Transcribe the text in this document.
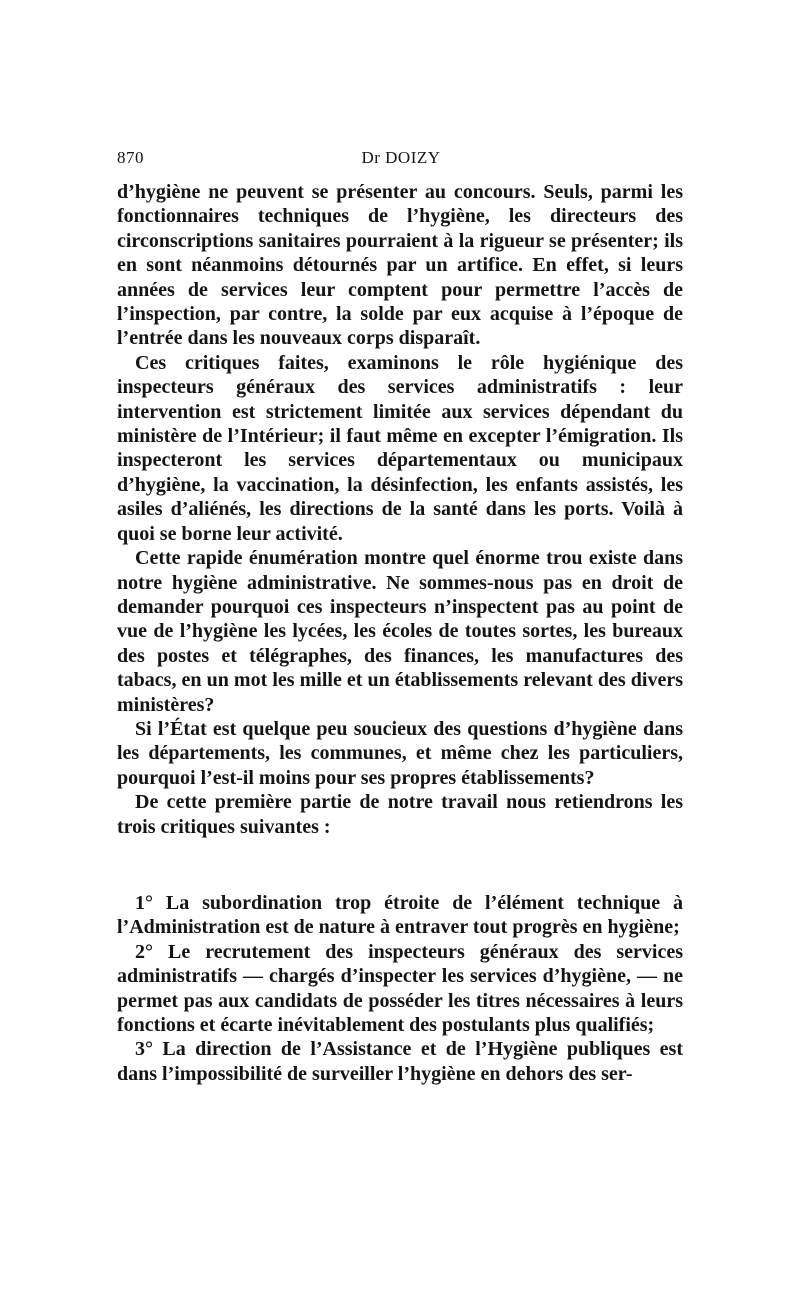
870	Dr DOIZY

d’hygiène ne peuvent se présenter au concours. Seuls, parmi les fonctionnaires techniques de l’hygiène, les directeurs des circonscriptions sanitaires pourraient à la rigueur se présenter; ils en sont néanmoins détournés par un artifice. En effet, si leurs années de services leur comptent pour permettre l’accès de l’inspection, par contre, la solde par eux acquise à l’époque de l’entrée dans les nouveaux corps disparaît.

Ces critiques faites, examinons le rôle hygiénique des inspecteurs généraux des services administratifs : leur intervention est strictement limitée aux services dépendant du ministère de l’Intérieur; il faut même en excepter l’émigration. Ils inspecteront les services départementaux ou municipaux d’hygiène, la vaccination, la désinfection, les enfants assistés, les asiles d’aliénés, les directions de la santé dans les ports. Voilà à quoi se borne leur activité.

Cette rapide énumération montre quel énorme trou existe dans notre hygiène administrative. Ne sommes-nous pas en droit de demander pourquoi ces inspecteurs n’inspectent pas au point de vue de l’hygiène les lycées, les écoles de toutes sortes, les bureaux des postes et télégraphes, des finances, les manufactures des tabacs, en un mot les mille et un établissements relevant des divers ministères?

Si l’État est quelque peu soucieux des questions d’hygiène dans les départements, les communes, et même chez les particuliers, pourquoi l’est-il moins pour ses propres établissements?

De cette première partie de notre travail nous retiendrons les trois critiques suivantes :

1° La subordination trop étroite de l’élément technique à l’Administration est de nature à entraver tout progrès en hygiène;

2° Le recrutement des inspecteurs généraux des services administratifs — chargés d’inspecter les services d’hygiène, — ne permet pas aux candidats de posséder les titres nécessaires à leurs fonctions et écarte inévitablement des postulants plus qualifiés;

3° La direction de l’Assistance et de l’Hygiène publiques est dans l’impossibilité de surveiller l’hygiène en dehors des ser-
